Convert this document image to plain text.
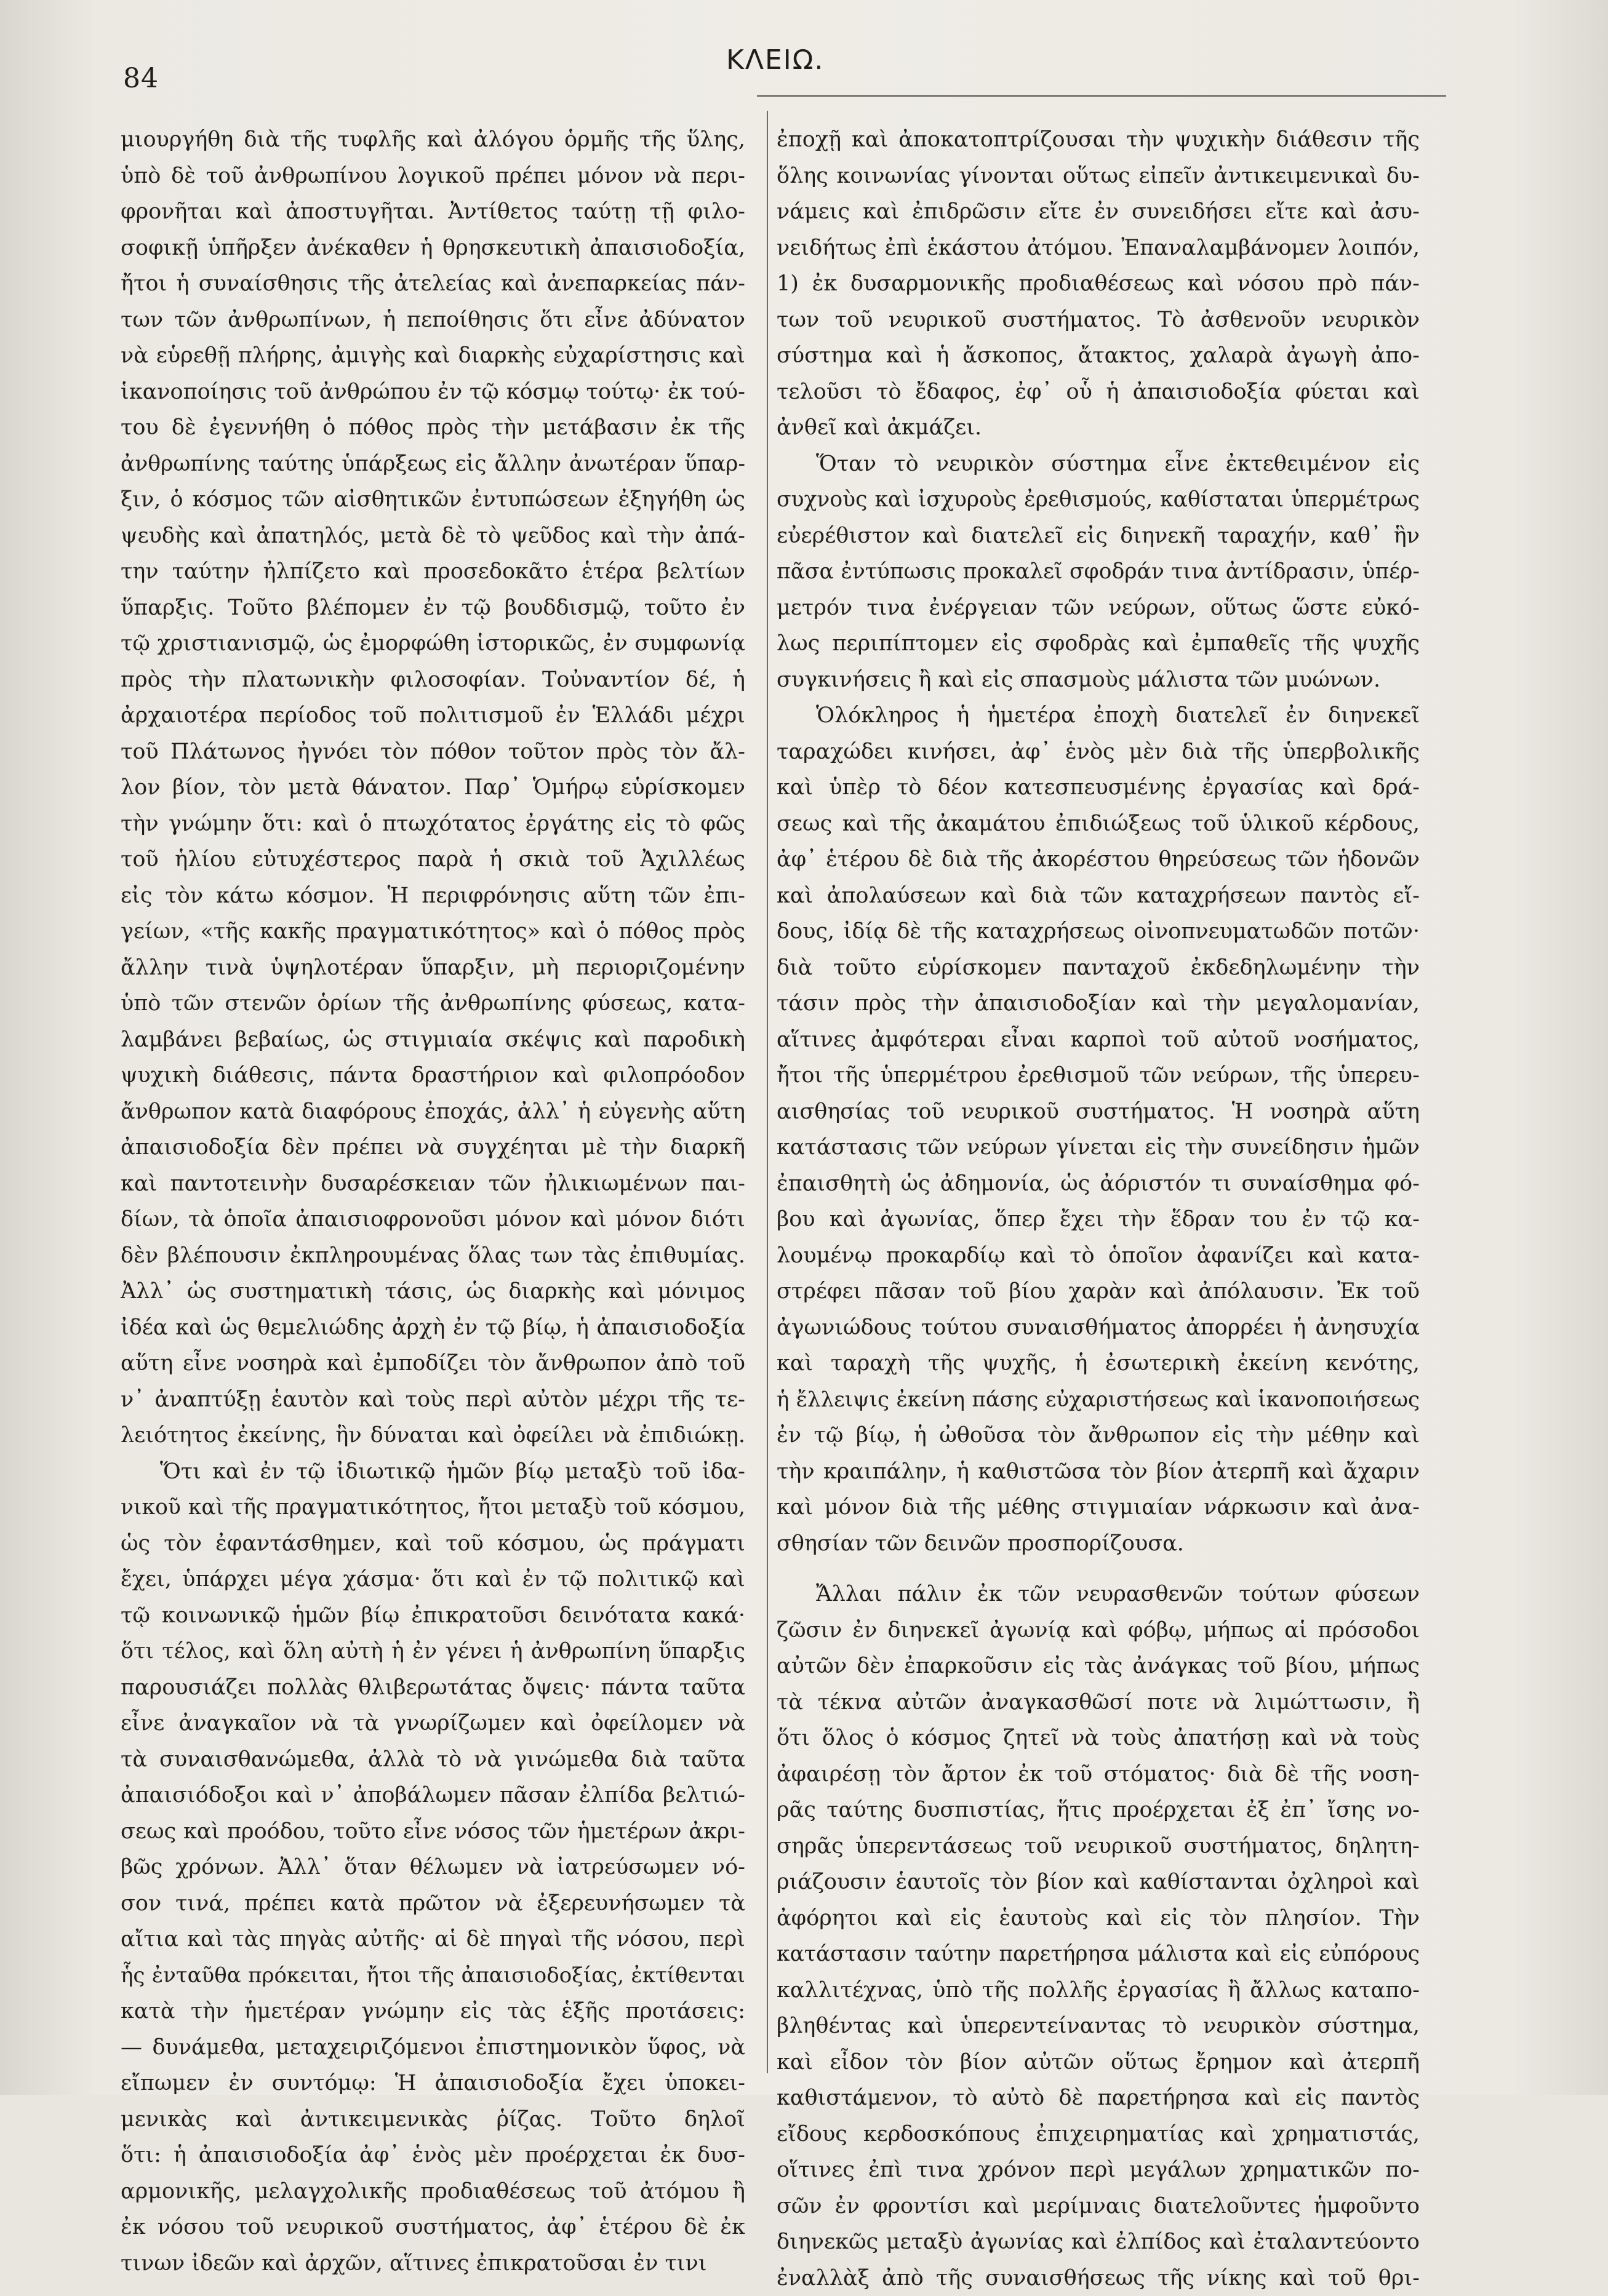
84
ΚΛΕΙΩ.
μιουργήθη διὰ τῆς τυφλῆς καὶ ἀλόγου ὁρμῆς τῆς ὕλης,
ὑπὸ δὲ τοῦ ἀνθρωπίνου λογικοῦ πρέπει μόνον νὰ περι-
φρονῆται καὶ ἀποστυγῆται. Ἀντίθετος ταύτῃ τῇ φιλο-
σοφικῇ ὑπῆρξεν ἀνέκαθεν ἡ θρησκευτικὴ ἀπαισιοδοξία,
ἤτοι ἡ συναίσθησις τῆς ἀτελείας καὶ ἀνεπαρκείας πάν-
των τῶν ἀνθρωπίνων, ἡ πεποίθησις ὅτι εἶνε ἀδύνατον
νὰ εὑρεθῇ πλήρης, ἀμιγὴς καὶ διαρκὴς εὐχαρίστησις καὶ
ἱκανοποίησις τοῦ ἀνθρώπου ἐν τῷ κόσμῳ τούτῳ· ἐκ τού-
του δὲ ἐγεννήθη ὁ πόθος πρὸς τὴν μετάβασιν ἐκ τῆς
ἀνθρωπίνης ταύτης ὑπάρξεως εἰς ἄλλην ἀνωτέραν ὕπαρ-
ξιν, ὁ κόσμος τῶν αἰσθητικῶν ἐντυπώσεων ἐξηγήθη ὡς
ψευδὴς καὶ ἀπατηλός, μετὰ δὲ τὸ ψεῦδος καὶ τὴν ἀπά-
την ταύτην ἠλπίζετο καὶ προσεδοκᾶτο ἑτέρα βελτίων
ὕπαρξις. Τοῦτο βλέπομεν ἐν τῷ βουδδισμῷ, τοῦτο ἐν
τῷ χριστιανισμῷ, ὡς ἐμορφώθη ἱστορικῶς, ἐν συμφωνίᾳ
πρὸς τὴν πλατωνικὴν φιλοσοφίαν. Τοὐναντίον δέ, ἡ
ἀρχαιοτέρα περίοδος τοῦ πολιτισμοῦ ἐν Ἑλλάδι μέχρι
τοῦ Πλάτωνος ἠγνόει τὸν πόθον τοῦτον πρὸς τὸν ἄλ-
λον βίον, τὸν μετὰ θάνατον. Παρ᾽ Ὁμήρῳ εὑρίσκομεν
τὴν γνώμην ὅτι: καὶ ὁ πτωχότατος ἐργάτης εἰς τὸ φῶς
τοῦ ἡλίου εὐτυχέστερος παρὰ ἡ σκιὰ τοῦ Ἀχιλλέως
εἰς τὸν κάτω κόσμον. Ἡ περιφρόνησις αὕτη τῶν ἐπι-
γείων, «τῆς κακῆς πραγματικότητος» καὶ ὁ πόθος πρὸς
ἄλλην τινὰ ὑψηλοτέραν ὕπαρξιν, μὴ περιοριζομένην
ὑπὸ τῶν στενῶν ὁρίων τῆς ἀνθρωπίνης φύσεως, κατα-
λαμβάνει βεβαίως, ὡς στιγμιαία σκέψις καὶ παροδικὴ
ψυχικὴ διάθεσις, πάντα δραστήριον καὶ φιλοπρόοδον
ἄνθρωπον κατὰ διαφόρους ἐποχάς, ἀλλ᾽ ἡ εὐγενὴς αὕτη
ἀπαισιοδοξία δὲν πρέπει νὰ συγχέηται μὲ τὴν διαρκῆ
καὶ παντοτεινὴν δυσαρέσκειαν τῶν ἠλικιωμένων παι-
δίων, τὰ ὁποῖα ἀπαισιοφρονοῦσι μόνον καὶ μόνον διότι
δὲν βλέπουσιν ἐκπληρουμένας ὅλας των τὰς ἐπιθυμίας.
Ἀλλ᾽ ὡς συστηματικὴ τάσις, ὡς διαρκὴς καὶ μόνιμος
ἰδέα καὶ ὡς θεμελιώδης ἀρχὴ ἐν τῷ βίῳ, ἡ ἀπαισιοδοξία
αὕτη εἶνε νοσηρὰ καὶ ἐμποδίζει τὸν ἄνθρωπον ἀπὸ τοῦ
ν᾽ ἀναπτύξῃ ἑαυτὸν καὶ τοὺς περὶ αὐτὸν μέχρι τῆς τε-
λειότητος ἐκείνης, ἣν δύναται καὶ ὀφείλει νὰ ἐπιδιώκῃ.
Ὅτι καὶ ἐν τῷ ἰδιωτικῷ ἡμῶν βίῳ μεταξὺ τοῦ ἰδα-
νικοῦ καὶ τῆς πραγματικότητος, ἤτοι μεταξὺ τοῦ κόσμου,
ὡς τὸν ἐφαντάσθημεν, καὶ τοῦ κόσμου, ὡς πράγματι
ἔχει, ὑπάρχει μέγα χάσμα· ὅτι καὶ ἐν τῷ πολιτικῷ καὶ
τῷ κοινωνικῷ ἡμῶν βίῳ ἐπικρατοῦσι δεινότατα κακά·
ὅτι τέλος, καὶ ὅλη αὐτὴ ἡ ἐν γένει ἡ ἀνθρωπίνη ὕπαρξις
παρουσιάζει πολλὰς θλιβερωτάτας ὄψεις· πάντα ταῦτα
εἶνε ἀναγκαῖον νὰ τὰ γνωρίζωμεν καὶ ὀφείλομεν νὰ
τὰ συναισθανώμεθα, ἀλλὰ τὸ νὰ γινώμεθα διὰ ταῦτα
ἀπαισιόδοξοι καὶ ν᾽ ἀποβάλωμεν πᾶσαν ἐλπίδα βελτιώ-
σεως καὶ προόδου, τοῦτο εἶνε νόσος τῶν ἡμετέρων ἀκρι-
βῶς χρόνων. Ἀλλ᾽ ὅταν θέλωμεν νὰ ἰατρεύσωμεν νό-
σον τινά, πρέπει κατὰ πρῶτον νὰ ἐξερευνήσωμεν τὰ
αἴτια καὶ τὰς πηγὰς αὐτῆς· αἱ δὲ πηγαὶ τῆς νόσου, περὶ
ἧς ἐνταῦθα πρόκειται, ἤτοι τῆς ἀπαισιοδοξίας, ἐκτίθενται
κατὰ τὴν ἡμετέραν γνώμην εἰς τὰς ἑξῆς προτάσεις:
— δυνάμεθα, μεταχειριζόμενοι ἐπιστημονικὸν ὕφος, νὰ
εἴπωμεν ἐν συντόμῳ: Ἡ ἀπαισιοδοξία ἔχει ὑποκει-
μενικὰς καὶ ἀντικειμενικὰς ῥίζας. Τοῦτο δηλοῖ
ὅτι: ἡ ἀπαισιοδοξία ἀφ᾽ ἑνὸς μὲν προέρχεται ἐκ δυσ-
αρμονικῆς, μελαγχολικῆς προδιαθέσεως τοῦ ἀτόμου ἢ
ἐκ νόσου τοῦ νευρικοῦ συστήματος, ἀφ᾽ ἑτέρου δὲ ἐκ
τινων ἰδεῶν καὶ ἀρχῶν, αἵτινες ἐπικρατοῦσαι ἐν τινι
ἐποχῇ καὶ ἀποκατοπτρίζουσαι τὴν ψυχικὴν διάθεσιν τῆς
ὅλης κοινωνίας γίνονται οὕτως εἰπεῖν ἀντικειμενικαὶ δυ-
νάμεις καὶ ἐπιδρῶσιν εἴτε ἐν συνειδήσει εἴτε καὶ ἀσυ-
νειδήτως ἐπὶ ἑκάστου ἀτόμου. Ἐπαναλαμβάνομεν λοιπόν,
1) ἐκ δυσαρμονικῆς προδιαθέσεως καὶ νόσου πρὸ πάν-
των τοῦ νευρικοῦ συστήματος. Τὸ ἀσθενοῦν νευρικὸν
σύστημα καὶ ἡ ἄσκοπος, ἄτακτος, χαλαρὰ ἀγωγὴ ἀπο-
τελοῦσι τὸ ἔδαφος, ἐφ᾽ οὗ ἡ ἀπαισιοδοξία φύεται καὶ
ἀνθεῖ καὶ ἀκμάζει.
Ὅταν τὸ νευρικὸν σύστημα εἶνε ἐκτεθειμένον εἰς
συχνοὺς καὶ ἰσχυροὺς ἐρεθισμούς, καθίσταται ὑπερμέτρως
εὐερέθιστον καὶ διατελεῖ εἰς διηνεκῆ ταραχήν, καθ᾽ ἣν
πᾶσα ἐντύπωσις προκαλεῖ σφοδράν τινα ἀντίδρασιν, ὑπέρ-
μετρόν τινα ἐνέργειαν τῶν νεύρων, οὕτως ὥστε εὐκό-
λως περιπίπτομεν εἰς σφοδρὰς καὶ ἐμπαθεῖς τῆς ψυχῆς
συγκινήσεις ἢ καὶ εἰς σπασμοὺς μάλιστα τῶν μυώνων.
Ὁλόκληρος ἡ ἡμετέρα ἐποχὴ διατελεῖ ἐν διηνεκεῖ
ταραχώδει κινήσει, ἀφ᾽ ἑνὸς μὲν διὰ τῆς ὑπερβολικῆς
καὶ ὑπὲρ τὸ δέον κατεσπευσμένης ἐργασίας καὶ δρά-
σεως καὶ τῆς ἀκαμάτου ἐπιδιώξεως τοῦ ὑλικοῦ κέρδους,
ἀφ᾽ ἑτέρου δὲ διὰ τῆς ἀκορέστου θηρεύσεως τῶν ἡδονῶν
καὶ ἀπολαύσεων καὶ διὰ τῶν καταχρήσεων παντὸς εἴ-
δους, ἰδίᾳ δὲ τῆς καταχρήσεως οἰνοπνευματωδῶν ποτῶν·
διὰ τοῦτο εὑρίσκομεν πανταχοῦ ἐκδεδηλωμένην τὴν
τάσιν πρὸς τὴν ἀπαισιοδοξίαν καὶ τὴν μεγαλομανίαν,
αἵτινες ἀμφότεραι εἶναι καρποὶ τοῦ αὐτοῦ νοσήματος,
ἤτοι τῆς ὑπερμέτρου ἐρεθισμοῦ τῶν νεύρων, τῆς ὑπερευ-
αισθησίας τοῦ νευρικοῦ συστήματος. Ἡ νοσηρὰ αὕτη
κατάστασις τῶν νεύρων γίνεται εἰς τὴν συνείδησιν ἡμῶν
ἐπαισθητὴ ὡς ἀδημονία, ὡς ἀόριστόν τι συναίσθημα φό-
βου καὶ ἀγωνίας, ὅπερ ἔχει τὴν ἕδραν του ἐν τῷ κα-
λουμένῳ προκαρδίῳ καὶ τὸ ὁποῖον ἀφανίζει καὶ κατα-
στρέφει πᾶσαν τοῦ βίου χαρὰν καὶ ἀπόλαυσιν. Ἐκ τοῦ
ἀγωνιώδους τούτου συναισθήματος ἀπορρέει ἡ ἀνησυχία
καὶ ταραχὴ τῆς ψυχῆς, ἡ ἐσωτερικὴ ἐκείνη κενότης,
ἡ ἔλλειψις ἐκείνη πάσης εὐχαριστήσεως καὶ ἱκανοποιήσεως
ἐν τῷ βίῳ, ἡ ὠθοῦσα τὸν ἄνθρωπον εἰς τὴν μέθην καὶ
τὴν κραιπάλην, ἡ καθιστῶσα τὸν βίον ἀτερπῆ καὶ ἄχαριν
καὶ μόνον διὰ τῆς μέθης στιγμιαίαν νάρκωσιν καὶ ἀνα-
σθησίαν τῶν δεινῶν προσπορίζουσα.
Ἄλλαι πάλιν ἐκ τῶν νευρασθενῶν τούτων φύσεων
ζῶσιν ἐν διηνεκεῖ ἀγωνίᾳ καὶ φόβῳ, μήπως αἱ πρόσοδοι
αὐτῶν δὲν ἐπαρκοῦσιν εἰς τὰς ἀνάγκας τοῦ βίου, μήπως
τὰ τέκνα αὐτῶν ἀναγκασθῶσί ποτε νὰ λιμώττωσιν, ἢ
ὅτι ὅλος ὁ κόσμος ζητεῖ νὰ τοὺς ἀπατήσῃ καὶ νὰ τοὺς
ἀφαιρέσῃ τὸν ἄρτον ἐκ τοῦ στόματος· διὰ δὲ τῆς νοση-
ρᾶς ταύτης δυσπιστίας, ἥτις προέρχεται ἐξ ἐπ᾽ ἴσης νο-
σηρᾶς ὑπερεντάσεως τοῦ νευρικοῦ συστήματος, δηλητη-
ριάζουσιν ἑαυτοῖς τὸν βίον καὶ καθίστανται ὀχληροὶ καὶ
ἀφόρητοι καὶ εἰς ἑαυτοὺς καὶ εἰς τὸν πλησίον. Τὴν
κατάστασιν ταύτην παρετήρησα μάλιστα καὶ εἰς εὐπόρους
καλλιτέχνας, ὑπὸ τῆς πολλῆς ἐργασίας ἢ ἄλλως καταπο-
βληθέντας καὶ ὑπερεντείναντας τὸ νευρικὸν σύστημα,
καὶ εἶδον τὸν βίον αὐτῶν οὕτως ἔρημον καὶ ἀτερπῆ
καθιστάμενον, τὸ αὐτὸ δὲ παρετήρησα καὶ εἰς παντὸς
εἴδους κερδοσκόπους ἐπιχειρηματίας καὶ χρηματιστάς,
οἵτινες ἐπὶ τινα χρόνον περὶ μεγάλων χρηματικῶν πο-
σῶν ἐν φροντίσι καὶ μερίμναις διατελοῦντες ἡμφοῦντο
διηνεκῶς μεταξὺ ἀγωνίας καὶ ἐλπίδος καὶ ἐταλαντεύοντο
ἐναλλὰξ ἀπὸ τῆς συναισθήσεως τῆς νίκης καὶ τοῦ θρι-
